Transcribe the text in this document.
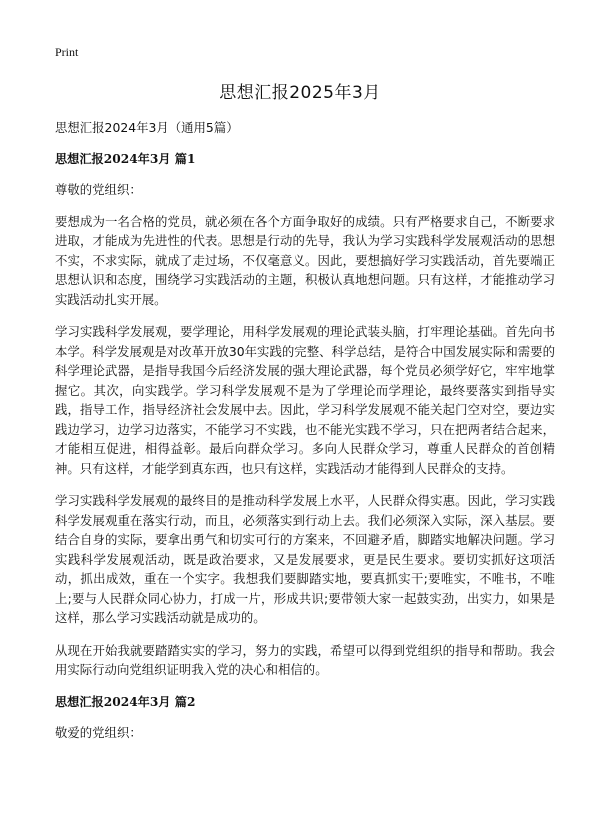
Print
思想汇报2025年3月

思想汇报2024年3月（通用5篇）

思想汇报2024年3月 篇1

尊敬的党组织：

要想成为一名合格的党员，就必须在各个方面争取好的成绩。只有严格要求自己，不断要求进取，才能成为先进性的代表。思想是行动的先导，我认为学习实践科学发展观活动的思想不实，不求实际，就成了走过场，不仅毫意义。因此，要想搞好学习实践活动，首先要端正思想认识和态度，围绕学习实践活动的主题，积极认真地想问题。只有这样，才能推动学习实践活动扎实开展。

学习实践科学发展观，要学理论，用科学发展观的理论武装头脑，打牢理论基础。首先向书本学。科学发展观是对改革开放30年实践的完整、科学总结，是符合中国发展实际和需要的科学理论武器，是指导我国今后经济发展的强大理论武器，每个党员必须学好它，牢牢地掌握它。其次，向实践学。学习科学发展观不是为了学理论而学理论，最终要落实到指导实践，指导工作，指导经济社会发展中去。因此，学习科学发展观不能关起门空对空，要边实践边学习，边学习边落实，不能学习不实践，也不能光实践不学习，只在把两者结合起来，才能相互促进，相得益彰。最后向群众学习。多向人民群众学习，尊重人民群众的首创精神。只有这样，才能学到真东西，也只有这样，实践活动才能得到人民群众的支持。

学习实践科学发展观的最终目的是推动科学发展上水平，人民群众得实惠。因此，学习实践科学发展观重在落实行动，而且，必须落实到行动上去。我们必须深入实际，深入基层。要结合自身的实际，要拿出勇气和切实可行的方案来，不回避矛盾，脚踏实地解决问题。学习实践科学发展观活动，既是政治要求，又是发展要求，更是民生要求。要切实抓好这项活动，抓出成效，重在一个实字。我想我们要脚踏实地，要真抓实干;要唯实，不唯书，不唯上;要与人民群众同心协力，打成一片，形成共识;要带领大家一起鼓实劲，出实力，如果是这样，那么学习实践活动就是成功的。

从现在开始我就要踏踏实实的学习，努力的实践，希望可以得到党组织的指导和帮助。我会用实际行动向党组织证明我入党的决心和相信的。

思想汇报2024年3月 篇2

敬爱的党组织：
